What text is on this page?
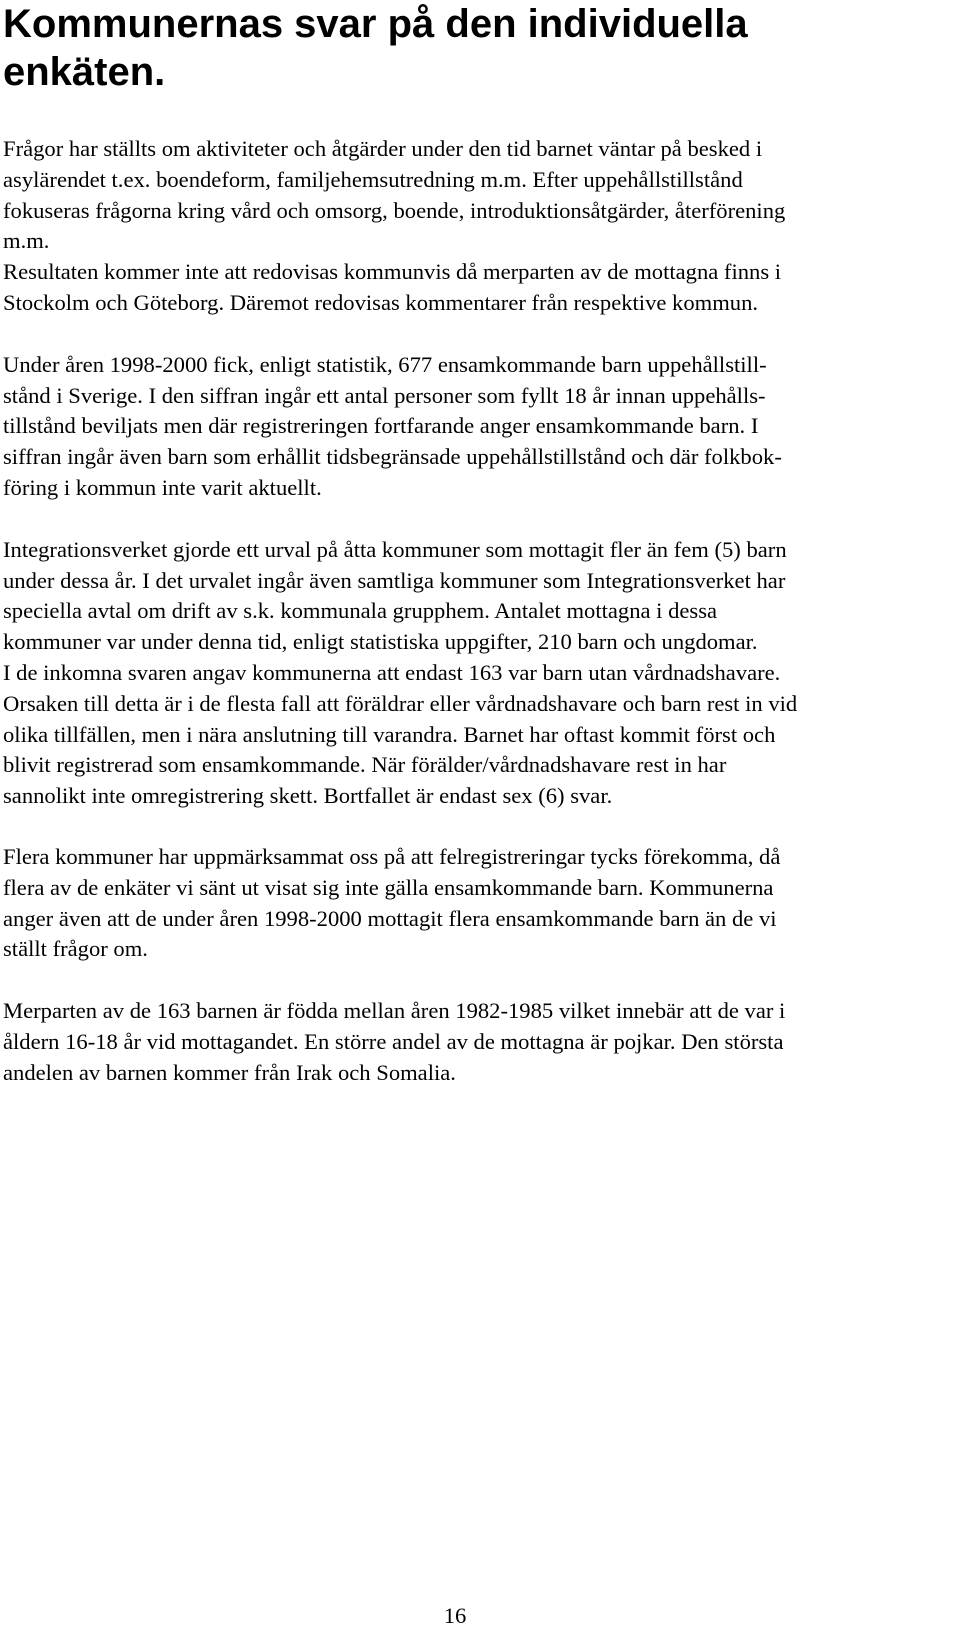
Kommunernas svar på den individuella
enkäten.
Frågor har ställts om aktiviteter och åtgärder under den tid barnet väntar på besked i
asylärendet t.ex. boendeform, familjehemsutredning m.m. Efter uppehållstillstånd
fokuseras frågorna kring vård och omsorg, boende, introduktionsåtgärder, återförening
m.m.
Resultaten kommer inte att redovisas kommunvis då merparten av de mottagna finns i
Stockolm och Göteborg. Däremot redovisas kommentarer från respektive kommun.
Under åren 1998-2000 fick, enligt statistik, 677 ensamkommande barn uppehållstill-
stånd i Sverige. I den siffran ingår ett antal personer som fyllt 18 år innan uppehålls-
tillstånd beviljats men där registreringen fortfarande anger ensamkommande barn. I
siffran ingår även barn som erhållit tidsbegränsade uppehållstillstånd och där folkbok-
föring i kommun inte varit aktuellt.
Integrationsverket gjorde ett urval på åtta kommuner som mottagit fler än fem (5) barn
under dessa år. I det urvalet ingår även samtliga kommuner som Integrationsverket har
speciella avtal om drift av s.k. kommunala grupphem. Antalet mottagna i dessa
kommuner var under denna tid, enligt statistiska uppgifter, 210 barn och ungdomar.
I de inkomna svaren angav kommunerna att endast 163 var barn utan vårdnadshavare.
Orsaken till detta är i de flesta fall att föräldrar eller vårdnadshavare och barn rest in vid
olika tillfällen, men i nära anslutning till varandra. Barnet har oftast kommit först och
blivit registrerad som ensamkommande. När förälder/vårdnadshavare rest in har
sannolikt inte omregistrering skett. Bortfallet är endast sex (6) svar.
Flera kommuner har uppmärksammat oss på att felregistreringar tycks förekomma, då
flera av de enkäter vi sänt ut visat sig inte gälla ensamkommande barn. Kommunerna
anger även att de under åren 1998-2000 mottagit flera ensamkommande barn än de vi
ställt frågor om.
Merparten av de 163 barnen är födda mellan åren 1982-1985 vilket innebär att de var i
åldern 16-18 år vid mottagandet. En större andel av de mottagna är pojkar. Den största
andelen av barnen kommer från Irak och Somalia.
16
